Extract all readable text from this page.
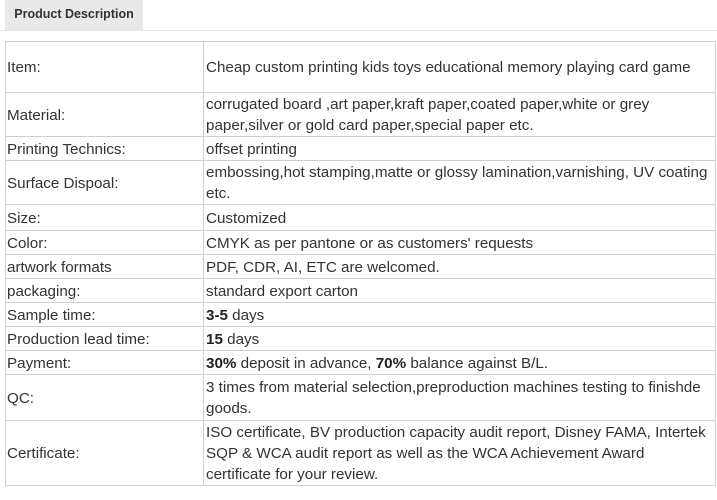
Product Description
Item:	Cheap custom printing kids toys educational memory playing card game
Material:	corrugated board ,art paper,kraft paper,coated paper,white or grey paper,silver or gold card paper,special paper etc.
Printing Technics:	offset printing
Surface Dispoal:	embossing,hot stamping,matte or glossy lamination,varnishing, UV coating etc.
Size:	Customized
Color:	CMYK as per pantone or as customers' requests
artwork formats	PDF, CDR, AI, ETC are welcomed.
packaging:	standard export carton
Sample time:	3-5 days
Production lead time:	15 days
Payment:	30% deposit in advance, 70% balance against B/L.
QC:	3 times from material selection,preproduction machines testing to finishde goods.
Certificate:	ISO certificate, BV production capacity audit report, Disney FAMA, Intertek SQP & WCA audit report as well as the WCA Achievement Award certificate for your review.
